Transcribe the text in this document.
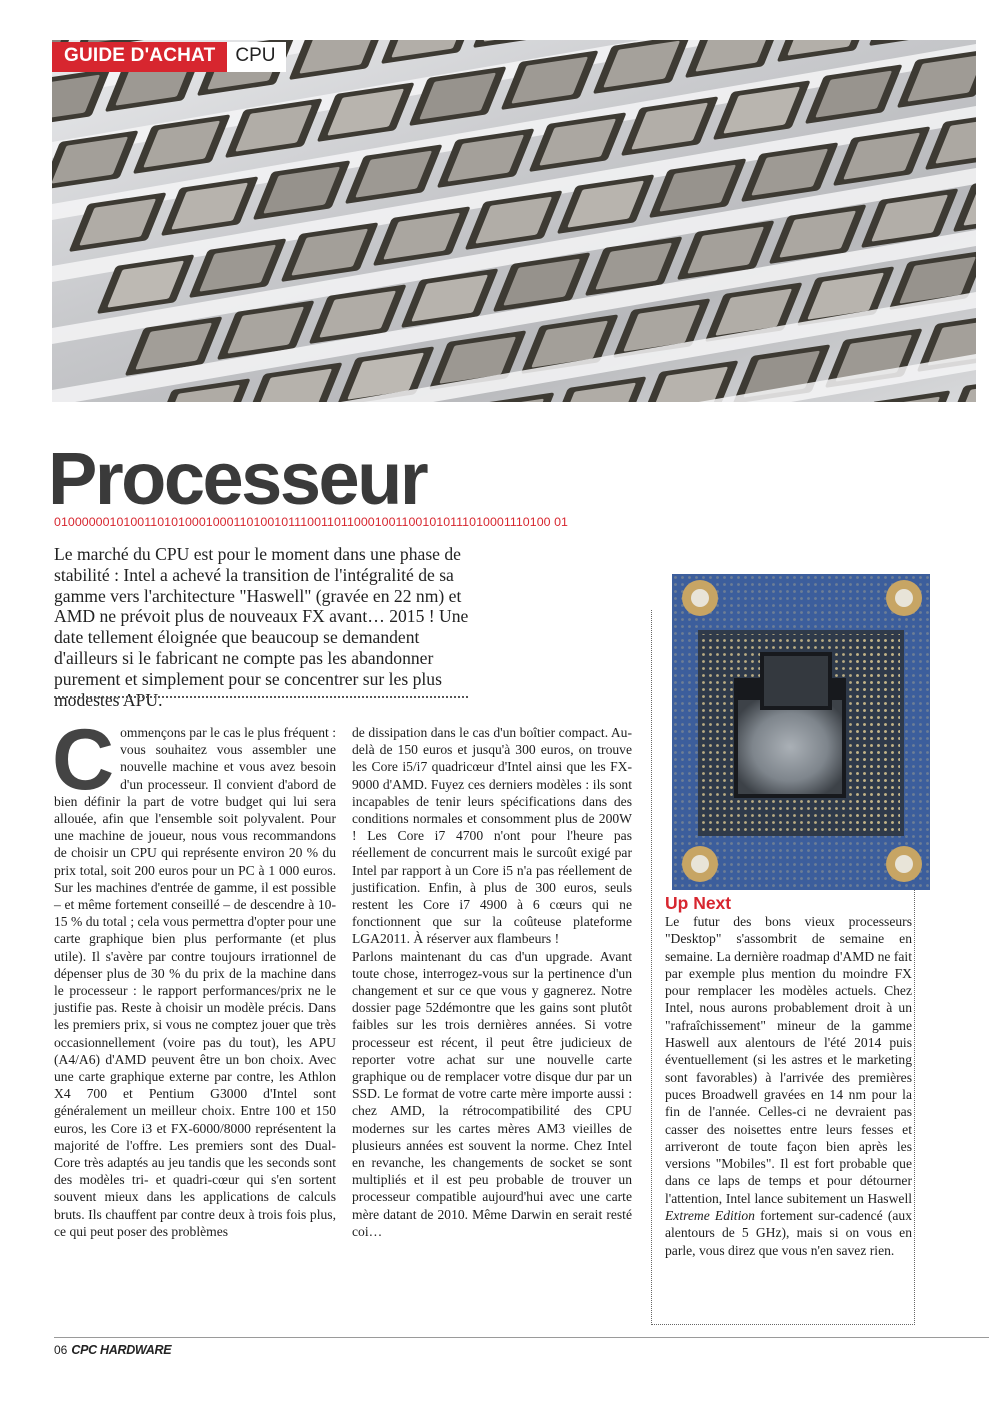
GUIDE D'ACHAT	CPU
Processeur
0100000010100110101000100011010010111001101100010011001010111010001110100 01
Le marché du CPU est pour le moment dans une phase de stabilité : Intel a achevé la transition de l'intégralité de sa gamme vers l'architecture "Haswell" (gravée en 22 nm) et AMD ne prévoit plus de nouveaux FX avant… 2015 ! Une date tellement éloignée que beaucoup se demandent d'ailleurs si le fabricant ne compte pas les abandonner purement et simplement pour se concentrer sur les plus modestes APU.
C ommençons par le cas le plus fréquent : vous souhaitez vous assembler une nouvelle machine et vous avez besoin d'un processeur. Il convient d'abord de bien définir la part de votre budget qui lui sera allouée, afin que l'ensemble soit polyvalent. Pour une machine de joueur, nous vous recommandons de choisir un CPU qui représente environ 20 % du prix total, soit 200 euros pour un PC à 1 000 euros. Sur les machines d'entrée de gamme, il est possible – et même fortement conseillé – de descendre à 10-15 % du total ; cela vous permettra d'opter pour une carte graphique bien plus performante (et plus utile). Il s'avère par contre toujours irrationnel de dépenser plus de 30 % du prix de la machine dans le processeur : le rapport performances/prix ne le justifie pas. Reste à choisir un modèle précis. Dans les premiers prix, si vous ne comptez jouer que très occasionnellement (voire pas du tout), les APU (A4/A6) d'AMD peuvent être un bon choix. Avec une carte graphique externe par contre, les Athlon X4 700 et Pentium G3000 d'Intel sont généralement un meilleur choix. Entre 100 et 150 euros, les Core i3 et FX-6000/8000 représentent la majorité de l'offre. Les premiers sont des Dual-Core très adaptés au jeu tandis que les seconds sont des modèles tri- et quadri-cœur qui s'en sortent souvent mieux dans les applications de calculs bruts. Ils chauffent par contre deux à trois fois plus, ce qui peut poser des problèmes

de dissipation dans le cas d'un boîtier compact. Au-delà de 150 euros et jusqu'à 300 euros, on trouve les Core i5/i7 quadricœur d'Intel ainsi que les FX-9000 d'AMD. Fuyez ces derniers modèles : ils sont incapables de tenir leurs spécifications dans des conditions normales et consomment plus de 200W ! Les Core i7 4700 n'ont pour l'heure pas réellement de concurrent mais le surcoût exigé par Intel par rapport à un Core i5 n'a pas réellement de justification. Enfin, à plus de 300 euros, seuls restent les Core i7 4900 à 6 cœurs qui ne fonctionnent que sur la coûteuse plateforme LGA2011. À réserver aux flambeurs !

Parlons maintenant du cas d'un upgrade. Avant toute chose, interrogez-vous sur la pertinence d'un changement et sur ce que vous y gagnerez. Notre dossier page 52démontre que les gains sont plutôt faibles sur les trois dernières années. Si votre processeur est récent, il peut être judicieux de reporter votre achat sur une nouvelle carte graphique ou de remplacer votre disque dur par un SSD. Le format de votre carte mère importe aussi : chez AMD, la rétrocompatibilité des CPU modernes sur les cartes mères AM3 vieilles de plusieurs années est souvent la norme. Chez Intel en revanche, les changements de socket se sont multipliés et il est peu probable de trouver un processeur compatible aujourd'hui avec une carte mère datant de 2010. Même Darwin en serait resté coi…

Up Next
Le futur des bons vieux processeurs "Desktop" s'assombrit de semaine en semaine. La dernière roadmap d'AMD ne fait par exemple plus mention du moindre FX pour remplacer les modèles actuels. Chez Intel, nous aurons probablement droit à un "rafraîchissement" mineur de la gamme Haswell aux alentours de l'été 2014 puis éventuellement (si les astres et le marketing sont favorables) à l'arrivée des premières puces Broadwell gravées en 14 nm pour la fin de l'année. Celles-ci ne devraient pas casser des noisettes entre leurs fesses et arriveront de toute façon bien après les versions "Mobiles". Il est fort probable que dans ce laps de temps et pour détourner l'attention, Intel lance subitement un Haswell Extreme Edition fortement sur-cadencé (aux alentours de 5 GHz), mais si on vous en parle, vous direz que vous n'en savez rien.
06 CPC HARDWARE
